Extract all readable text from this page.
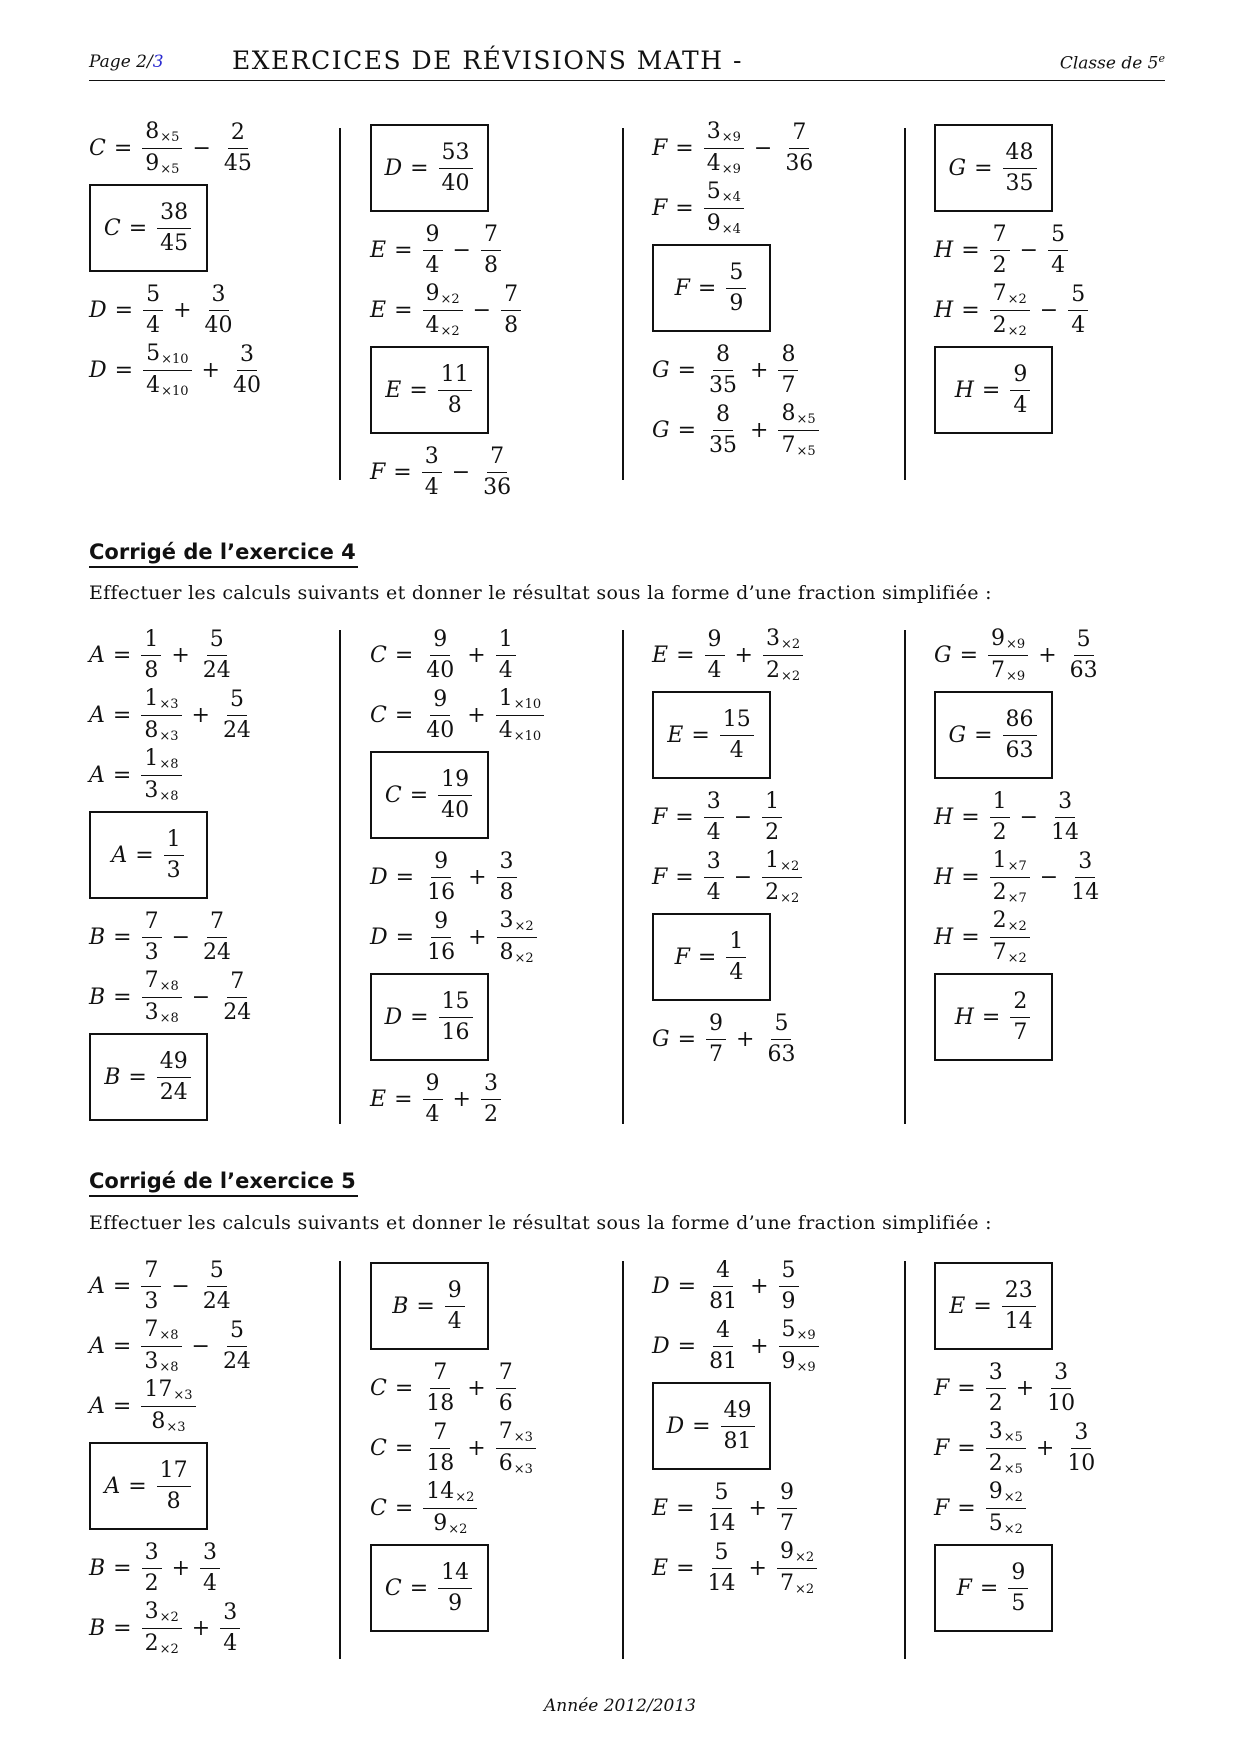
Page 2/3	EXERCICES DE RÉVISIONS MATH -	Classe de 5e
$C = \frac{8_{\times 5}}{9_{\times 5}} - \frac{2}{45}$
$C = \frac{38}{45}$
$D = \frac{5}{4} + \frac{3}{40}$
$D = \frac{5_{\times 10}}{4_{\times 10}} + \frac{3}{40}$
$D = \frac{53}{40}$
$E = \frac{9}{4} - \frac{7}{8}$
$E = \frac{9_{\times 2}}{4_{\times 2}} - \frac{7}{8}$
$E = \frac{11}{8}$
$F = \frac{3}{4} - \frac{7}{36}$
$F = \frac{3_{\times 9}}{4_{\times 9}} - \frac{7}{36}$
$F = \frac{5_{\times 4}}{9_{\times 4}}$
$F = \frac{5}{9}$
$G = \frac{8}{35} + \frac{8}{7}$
$G = \frac{8}{35} + \frac{8_{\times 5}}{7_{\times 5}}$
$G = \frac{48}{35}$
$H = \frac{7}{2} - \frac{5}{4}$
$H = \frac{7_{\times 2}}{2_{\times 2}} - \frac{5}{4}$
$H = \frac{9}{4}$
Corrigé de l’exercice 4
Effectuer les calculs suivants et donner le résultat sous la forme d’une fraction simplifiée :
$A = \frac{1}{8} + \frac{5}{24}$
$A = \frac{1_{\times 3}}{8_{\times 3}} + \frac{5}{24}$
$A = \frac{1_{\times 8}}{3_{\times 8}}$
$A = \frac{1}{3}$
$B = \frac{7}{3} - \frac{7}{24}$
$B = \frac{7_{\times 8}}{3_{\times 8}} - \frac{7}{24}$
$B = \frac{49}{24}$
$C = \frac{9}{40} + \frac{1}{4}$
$C = \frac{9}{40} + \frac{1_{\times 10}}{4_{\times 10}}$
$C = \frac{19}{40}$
$D = \frac{9}{16} + \frac{3}{8}$
$D = \frac{9}{16} + \frac{3_{\times 2}}{8_{\times 2}}$
$D = \frac{15}{16}$
$E = \frac{9}{4} + \frac{3}{2}$
$E = \frac{9}{4} + \frac{3_{\times 2}}{2_{\times 2}}$
$E = \frac{15}{4}$
$F = \frac{3}{4} - \frac{1}{2}$
$F = \frac{3}{4} - \frac{1_{\times 2}}{2_{\times 2}}$
$F = \frac{1}{4}$
$G = \frac{9}{7} + \frac{5}{63}$
$G = \frac{9_{\times 9}}{7_{\times 9}} + \frac{5}{63}$
$G = \frac{86}{63}$
$H = \frac{1}{2} - \frac{3}{14}$
$H = \frac{1_{\times 7}}{2_{\times 7}} - \frac{3}{14}$
$H = \frac{2_{\times 2}}{7_{\times 2}}$
$H = \frac{2}{7}$
Corrigé de l’exercice 5
Effectuer les calculs suivants et donner le résultat sous la forme d’une fraction simplifiée :
$A = \frac{7}{3} - \frac{5}{24}$
$A = \frac{7_{\times 8}}{3_{\times 8}} - \frac{5}{24}$
$A = \frac{17_{\times 3}}{8_{\times 3}}$
$A = \frac{17}{8}$
$B = \frac{3}{2} + \frac{3}{4}$
$B = \frac{3_{\times 2}}{2_{\times 2}} + \frac{3}{4}$
$B = \frac{9}{4}$
$C = \frac{7}{18} + \frac{7}{6}$
$C = \frac{7}{18} + \frac{7_{\times 3}}{6_{\times 3}}$
$C = \frac{14_{\times 2}}{9_{\times 2}}$
$C = \frac{14}{9}$
$D = \frac{4}{81} + \frac{5}{9}$
$D = \frac{4}{81} + \frac{5_{\times 9}}{9_{\times 9}}$
$D = \frac{49}{81}$
$E = \frac{5}{14} + \frac{9}{7}$
$E = \frac{5}{14} + \frac{9_{\times 2}}{7_{\times 2}}$
$E = \frac{23}{14}$
$F = \frac{3}{2} + \frac{3}{10}$
$F = \frac{3_{\times 5}}{2_{\times 5}} + \frac{3}{10}$
$F = \frac{9_{\times 2}}{5_{\times 2}}$
$F = \frac{9}{5}$
Année 2012/2013
